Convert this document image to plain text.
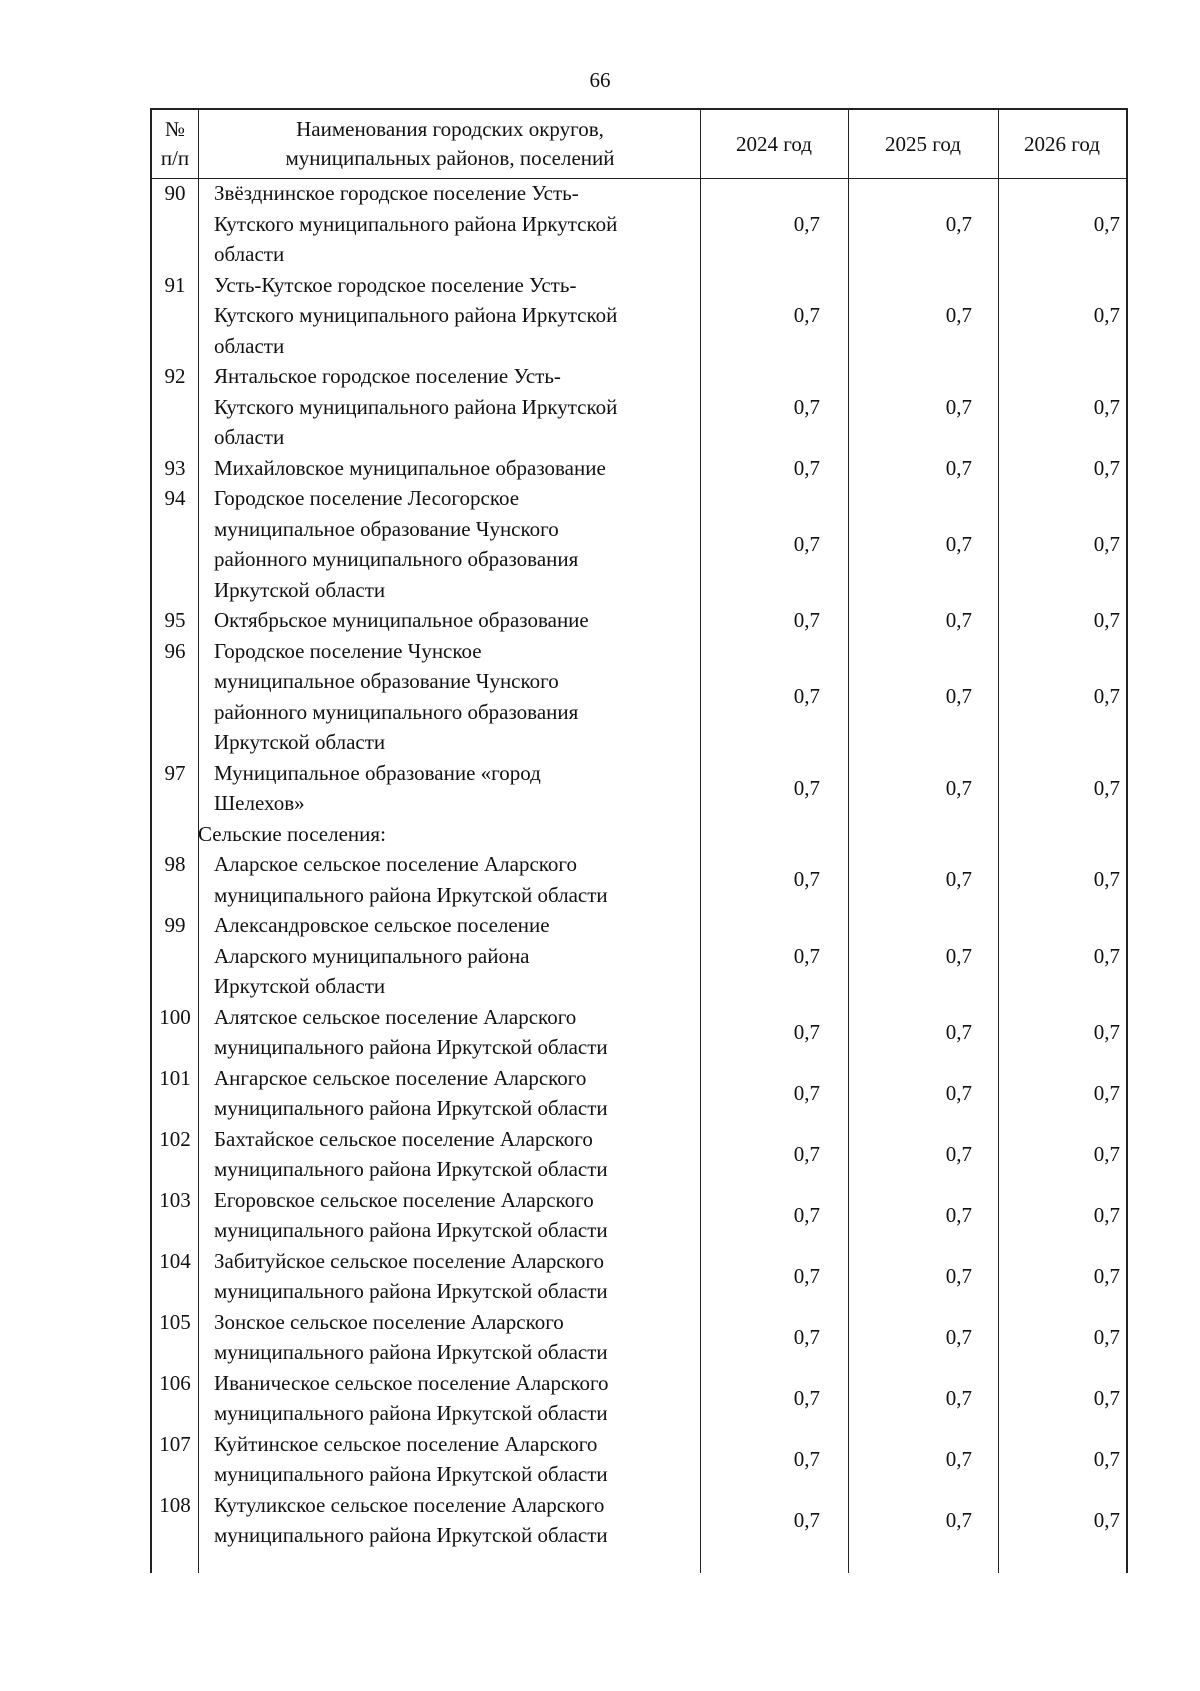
66
№
п/п
Наименования городских округов,
муниципальных районов, поселений
2024 год	2025 год	2026 год
90	Звёзднинское городское поселение Усть-
Кутского муниципального района Иркутской
области
0,7	0,7	0,7
91	Усть-Кутское городское поселение Усть-
Кутского муниципального района Иркутской
области
0,7	0,7	0,7
92	Янтальское городское поселение Усть-
Кутского муниципального района Иркутской
области
0,7	0,7	0,7
93	Михайловское муниципальное образование	0,7	0,7	0,7
94	Городское поселение Лесогорское
муниципальное образование Чунского
районного муниципального образования
Иркутской области
0,7	0,7	0,7
95	Октябрьское муниципальное образование	0,7	0,7	0,7
96	Городское поселение Чунское
муниципальное образование Чунского
районного муниципального образования
Иркутской области
0,7	0,7	0,7
97	Муниципальное образование «город
Шелехов»
0,7	0,7	0,7
Сельские поселения:
98	Аларское сельское поселение Аларского
муниципального района Иркутской области
0,7	0,7	0,7
99	Александровское сельское поселение
Аларского муниципального района
Иркутской области
0,7	0,7	0,7
100	Алятское сельское поселение Аларского
муниципального района Иркутской области
0,7	0,7	0,7
101	Ангарское сельское поселение Аларского
муниципального района Иркутской области
0,7	0,7	0,7
102	Бахтайское сельское поселение Аларского
муниципального района Иркутской области
0,7	0,7	0,7
103	Егоровское сельское поселение Аларского
муниципального района Иркутской области
0,7	0,7	0,7
104	Забитуйское сельское поселение Аларского
муниципального района Иркутской области
0,7	0,7	0,7
105	Зонское сельское поселение Аларского
муниципального района Иркутской области
0,7	0,7	0,7
106	Иваническое сельское поселение Аларского
муниципального района Иркутской области
0,7	0,7	0,7
107	Куйтинское сельское поселение Аларского
муниципального района Иркутской области
0,7	0,7	0,7
108	Кутуликское сельское поселение Аларского
муниципального района Иркутской области
0,7	0,7	0,7
